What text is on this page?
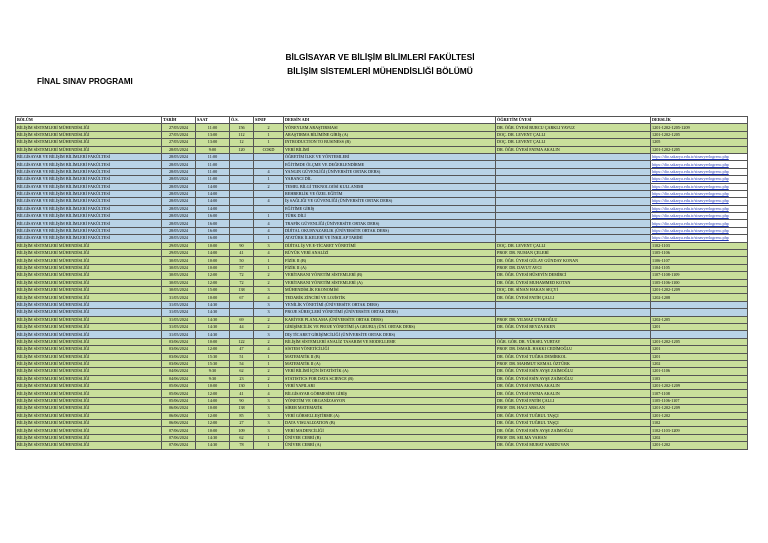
BİLGİSAYAR VE BİLİŞİM BİLİMLERİ FAKÜLTESİ
BİLİŞİM SİSTEMLERİ MÜHENDİSLİĞİ BÖLÜMÜ
FİNAL SINAV PROGRAMI
BÖLÜM	TARİH	SAAT	Ö.S.	SINIF	DERSİN ADI	ÖĞRETİM ÜYESİ	DERSLİK
BİLİŞİM SİSTEMLERİ MÜHENDİSLİĞİ	27/05/2024	11:00	156	2	YÖNEYLEM ARAŞTIRMASI	DR. ÖĞR. ÜYESİ BURCU ÇARKLI YAVUZ	1201-1202-1205-1209
BİLİŞİM SİSTEMLERİ MÜHENDİSLİĞİ	27/05/2024	13:00	112	1	ARAŞTIRMA BİLİMİNE GİRİŞ (A)	DOÇ. DR. LEVENT ÇALLI	1201-1202-1205
BİLİŞİM SİSTEMLERİ MÜHENDİSLİĞİ	27/05/2024	13:00	12	1	INTRODUCTION TO BUSINESS (B)	DOÇ. DR. LEVENT ÇALLI	1205
BİLİŞİM SİSTEMLERİ MÜHENDİSLİĞİ	28/05/2024	9:00	120	COKD	VERİ BİLİMİ	DR. ÖĞR. ÜYESİ FATMA AKALIN	1201-1202-1205
BİLGİSAYAR VE BİLİŞİM BİLİMLERİ FAKÜLTESİ	28/05/2024	11:00			ÖĞRETİM İLKE VE YÖNTEMLERİ		https://dio.sakarya.edu.tr/sinavyerlogrenc.php
BİLGİSAYAR VE BİLİŞİM BİLİMLERİ FAKÜLTESİ	28/05/2024	11:00			EĞİTİMDE ÖLÇME VE DEĞERLENDİRME		https://dio.sakarya.edu.tr/sinavyerlogrenc.php
BİLGİSAYAR VE BİLİŞİM BİLİMLERİ FAKÜLTESİ	28/05/2024	11:00		4	YANGIN GÜVENLİĞİ (ÜNİVERSİTE ORTAK DERS)		https://dio.sakarya.edu.tr/sinavyerlogrenc.php
BİLGİSAYAR VE BİLİŞİM BİLİMLERİ FAKÜLTESİ	28/05/2024	11:00		1	YABANCI DİL		https://dio.sakarya.edu.tr/sinavyerlogrenc.php
BİLGİSAYAR VE BİLİŞİM BİLİMLERİ FAKÜLTESİ	28/05/2024	14:00		2	TEMEL BİLGİ TEKNOLOJİSİ KULLANIMI		https://dio.sakarya.edu.tr/sinavyerlogrenc.php
BİLGİSAYAR VE BİLİŞİM BİLİMLERİ FAKÜLTESİ	28/05/2024	14:00			REHBERLİK VE ÖZEL EĞİTİM		https://dio.sakarya.edu.tr/sinavyerlogrenc.php
BİLGİSAYAR VE BİLİŞİM BİLİMLERİ FAKÜLTESİ	28/05/2024	14:00		4	İŞ SAĞLIĞI VE GÜVENLİĞİ (ÜNİVERSİTE ORTAK DERS)		https://dio.sakarya.edu.tr/sinavyerlogrenc.php
BİLGİSAYAR VE BİLİŞİM BİLİMLERİ FAKÜLTESİ	28/05/2024	14:00			EĞİTİME GİRİŞ		https://dio.sakarya.edu.tr/sinavyerlogrenc.php
BİLGİSAYAR VE BİLİŞİM BİLİMLERİ FAKÜLTESİ	28/05/2024	16:00		1	TÜRK DİLİ		https://dio.sakarya.edu.tr/sinavyerlogrenc.php
BİLGİSAYAR VE BİLİŞİM BİLİMLERİ FAKÜLTESİ	28/05/2024	16:00		4	TRAFİK GÜVENLİĞİ (ÜNİVERSİTE ORTAK DERS)		https://dio.sakarya.edu.tr/sinavyerlogrenc.php
BİLGİSAYAR VE BİLİŞİM BİLİMLERİ FAKÜLTESİ	28/05/2024	16:00		4	DİJİTAL OKURYAZARLIK (ÜNİVERSİTE ORTAK DERS)		https://dio.sakarya.edu.tr/sinavyerlogrenc.php
BİLGİSAYAR VE BİLİŞİM BİLİMLERİ FAKÜLTESİ	28/05/2024	16:00		1	ATATÜRK İLKELERİ VE İNKILAP TARİHİ		https://dio.sakarya.edu.tr/sinavyerlogrenc.php
BİLİŞİM SİSTEMLERİ MÜHENDİSLİĞİ	29/05/2024	10:00	90	3	DİJİTAL İŞ VE E-TİCARET YÖNETİMİ	DOÇ. DR. LEVENT ÇALLI	1102-1103
BİLİŞİM SİSTEMLERİ MÜHENDİSLİĞİ	29/05/2024	14:00	41	4	BÜYÜK VERİ ANALİZİ	PROF. DR. NUMAN ÇELEBİ	1105-1106
BİLİŞİM SİSTEMLERİ MÜHENDİSLİĞİ	30/05/2024	10:00	50	1	FİZİK II (B)	DR. ÖĞR. ÜYESİ GÜLAY GÜNDAY KONAN	1106-1107
BİLİŞİM SİSTEMLERİ MÜHENDİSLİĞİ	30/05/2024	10:00	57	1	FİZİK II (A)	PROF. DR. DAVUT AVCI	1104-1105
BİLİŞİM SİSTEMLERİ MÜHENDİSLİĞİ	30/05/2024	12:00	72	2	VERİTABANI YÖNETİM SİSTEMLERİ (B)	DR. ÖĞR. ÜYESİ HÜSEYİN DEMİRCİ	1107-1108-1109
BİLİŞİM SİSTEMLERİ MÜHENDİSLİĞİ	30/05/2024	12:00	72	2	VERİTABANI YÖNETİM SİSTEMLERİ (A)	DR. ÖĞR. ÜYESİ MUHAMMED KOTAN	1105-1106-1100
BİLİŞİM SİSTEMLERİ MÜHENDİSLİĞİ	30/05/2024	15:00	138	3	MÜHENDİSLİK EKONOMİSİ	DOÇ. DR. SİNAN HAKAN SEÇYİ	1201-1202-1209
BİLİŞİM SİSTEMLERİ MÜHENDİSLİĞİ	31/05/2024	10:00	67	4	TEDARİK ZİNCİRİ VE LOJİSTİK	DR. ÖĞR. ÜYESİ FATİH ÇALLI	1202-1208
BİLİŞİM SİSTEMLERİ MÜHENDİSLİĞİ	31/05/2024	14:30		3	YENİLİK YÖNETİMİ (ÜNİVERSİTE ORTAK DERS)		
BİLİŞİM SİSTEMLERİ MÜHENDİSLİĞİ	31/05/2024	14:30		3	PROJE SÜREÇLERİ YÖNETİMİ (ÜNİVERSİTE ORTAK DERS)		
BİLİŞİM SİSTEMLERİ MÜHENDİSLİĞİ	31/05/2024	14:30	69	2	KARİYER PLANLAMA (ÜNİVERSİTE ORTAK DERS)	PROF. DR. YILMAZ UYAROĞLU	1202-1205
BİLİŞİM SİSTEMLERİ MÜHENDİSLİĞİ	31/05/2024	14:30	44	2	GİRİŞİMCİLİK VE PROJE YÖNETİMİ (A GRUBU) (ÜNİ. ORTAK DERS)	DR. ÖĞR. ÜYESİ BEYZA EKEN	1201
BİLİŞİM SİSTEMLERİ MÜHENDİSLİĞİ	31/05/2024	14:30		3	DIŞ TİCARET GİRİŞİMCİLİĞİ (ÜNİVERSİTE ORTAK DERS)		
BİLİŞİM SİSTEMLERİ MÜHENDİSLİĞİ	03/06/2024	10:00	122	2	BİLİŞİM SİSTEMLERİ ANALİZ TASARIM VE MODELLEME	ÖĞR. GÖR. DR. YÜKSEL YURTAY	1201-1202-1205
BİLİŞİM SİSTEMLERİ MÜHENDİSLİĞİ	03/06/2024	12:00	47	4	SİSTEM YÖNETİCİLİĞİ	PROF. DR. İSMAİL HAKKI CEDİMOĞLU	1201
BİLİŞİM SİSTEMLERİ MÜHENDİSLİĞİ	03/06/2024	15:30	51	1	MATEMATİK II (B)	DR. ÖĞR. ÜYESİ TUĞBA DEMİRKOL	1201
BİLİŞİM SİSTEMLERİ MÜHENDİSLİĞİ	03/06/2024	15:30	54	1	MATEMATİK II (A)	PROF. DR. MAHMUT KEMAL ÖZTÜRK	1202
BİLİŞİM SİSTEMLERİ MÜHENDİSLİĞİ	04/06/2024	9:30	62	2	VERİ BİLİMİ İÇİN İSTATİSTİK (A)	DR. ÖĞR. ÜYESİ ESİN AYŞE ZAİMOĞLU	1201-1106
BİLİŞİM SİSTEMLERİ MÜHENDİSLİĞİ	04/06/2024	9:30	23	2	STATISTICS FOR DATA SCIENCE (B)	DR. ÖĞR. ÜYESİ ESİN AYŞE ZAİMOĞLU	1103
BİLİŞİM SİSTEMLERİ MÜHENDİSLİĞİ	05/06/2024	10:00	130	1	VERİ YAPILARI	DR. ÖĞR. ÜYESİ FATMA AKALIN	1201-1202-1209
BİLİŞİM SİSTEMLERİ MÜHENDİSLİĞİ	05/06/2024	12:00	41	4	BİLGİSAYAR GÖRMESİNE GİRİŞ	DR. ÖĞR. ÜYESİ FATMA AKALIN	1107-1108
BİLİŞİM SİSTEMLERİ MÜHENDİSLİĞİ	05/06/2024	14:00	90	3	YÖNETİM VE ORGANİZASYON	DR. ÖĞR. ÜYESİ FATİH ÇALLI	1105-1106-1107
BİLİŞİM SİSTEMLERİ MÜHENDİSLİĞİ	06/06/2024	10:00	138	3	SİBER MATEMATİK	PROF. DR. HACI ARSLAN	1201-1202-1209
BİLİŞİM SİSTEMLERİ MÜHENDİSLİĞİ	06/06/2024	12:00	85	3	VERİ GÖRSELLEŞTİRME (A)	DR. ÖĞR. ÜYESİ TUĞRUL TAŞÇI	1201-1202
BİLİŞİM SİSTEMLERİ MÜHENDİSLİĞİ	06/06/2024	12:00	27	3	DATA VISUALIZATION (B)	DR. ÖĞR. ÜYESİ TUĞRUL TAŞÇI	1102
BİLİŞİM SİSTEMLERİ MÜHENDİSLİĞİ	07/06/2024	10:00	109	3	VERİ MADENCİLİĞİ	DR. ÖĞR. ÜYESİ ESİN AYŞE ZAİMOĞLU	1102-1103-1209
BİLİŞİM SİSTEMLERİ MÜHENDİSLİĞİ	07/06/2024	14:30	62	1	ÜNİVER CEBRİ (B)	PROF. DR. SELMA VAHAN	1202
BİLİŞİM SİSTEMLERİ MÜHENDİSLİĞİ	07/06/2024	14:30	78	1	ÜNİVER CEBRİ (A)	DR. ÖĞR. ÜYESİ MURAT SARIDUVAN	1201-1202
